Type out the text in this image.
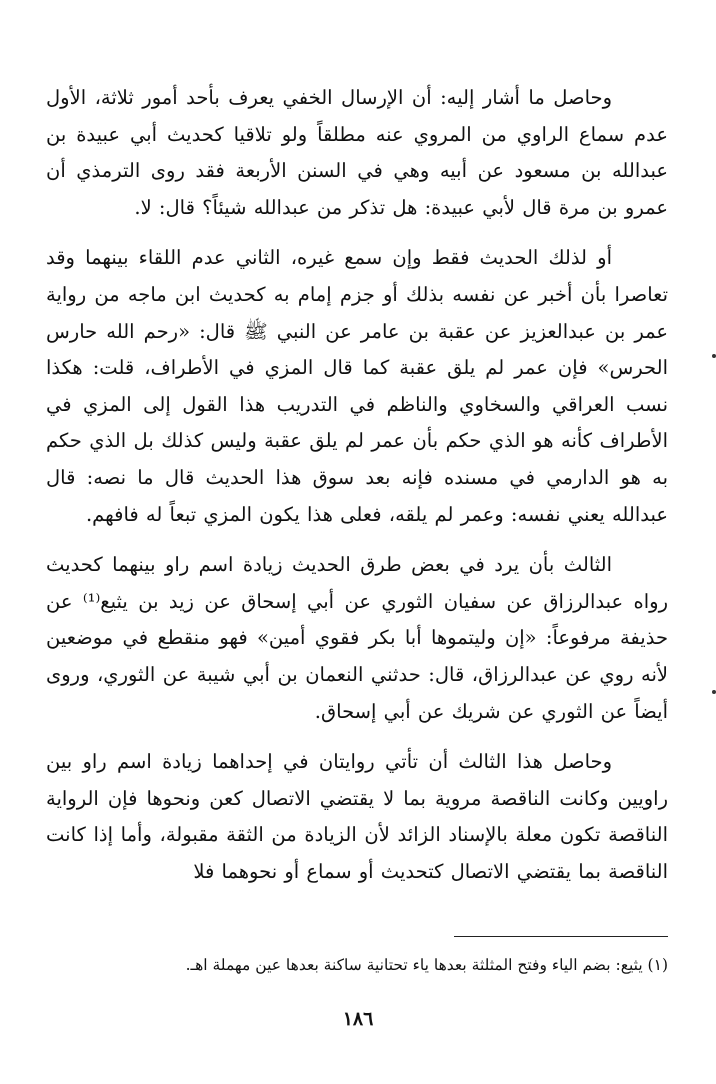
وحاصل ما أشار إليه: أن الإرسال الخفي يعرف بأحد أمور ثلاثة، الأول عدم سماع الراوي من المروي عنه مطلقاً ولو تلاقيا كحديث أبي عبيدة بن عبدالله بن مسعود عن أبيه وهي في السنن الأربعة فقد روى الترمذي أن عمرو بن مرة قال لأبي عبيدة: هل تذكر من عبدالله شيئاً؟ قال: لا.

أو لذلك الحديث فقط وإن سمع غيره، الثاني عدم اللقاء بينهما وقد تعاصرا بأن أخبر عن نفسه بذلك أو جزم إمام به كحديث ابن ماجه من رواية عمر بن عبدالعزيز عن عقبة بن عامر عن النبي ﷺ قال: «رحم الله حارس الحرس» فإن عمر لم يلق عقبة كما قال المزي في الأطراف، قلت: هكذا نسب العراقي والسخاوي والناظم في التدريب هذا القول إلى المزي في الأطراف كأنه هو الذي حكم بأن عمر لم يلق عقبة وليس كذلك بل الذي حكم به هو الدارمي في مسنده فإنه بعد سوق هذا الحديث قال ما نصه: قال عبدالله يعني نفسه: وعمر لم يلقه، فعلى هذا يكون المزي تبعاً له فافهم.

الثالث بأن يرد في بعض طرق الحديث زيادة اسم راو بينهما كحديث رواه عبدالرزاق عن سفيان الثوري عن أبي إسحاق عن زيد بن يثيع⁽¹⁾ عن حذيفة مرفوعاً: «إن وليتموها أبا بكر فقوي أمين» فهو منقطع في موضعين لأنه روي عن عبدالرزاق، قال: حدثني النعمان بن أبي شيبة عن الثوري، وروى أيضاً عن الثوري عن شريك عن أبي إسحاق.

وحاصل هذا الثالث أن تأتي روايتان في إحداهما زيادة اسم راو بين راويين وكانت الناقصة مروية بما لا يقتضي الاتصال كعن ونحوها فإن الرواية الناقصة تكون معلة بالإسناد الزائد لأن الزيادة من الثقة مقبولة، وأما إذا كانت الناقصة بما يقتضي الاتصال كتحديث أو سماع أو نحوهما فلا

(١) يثيع: بضم الياء وفتح المثلثة بعدها ياء تحتانية ساكنة بعدها عين مهملة اهـ.

١٨٦
